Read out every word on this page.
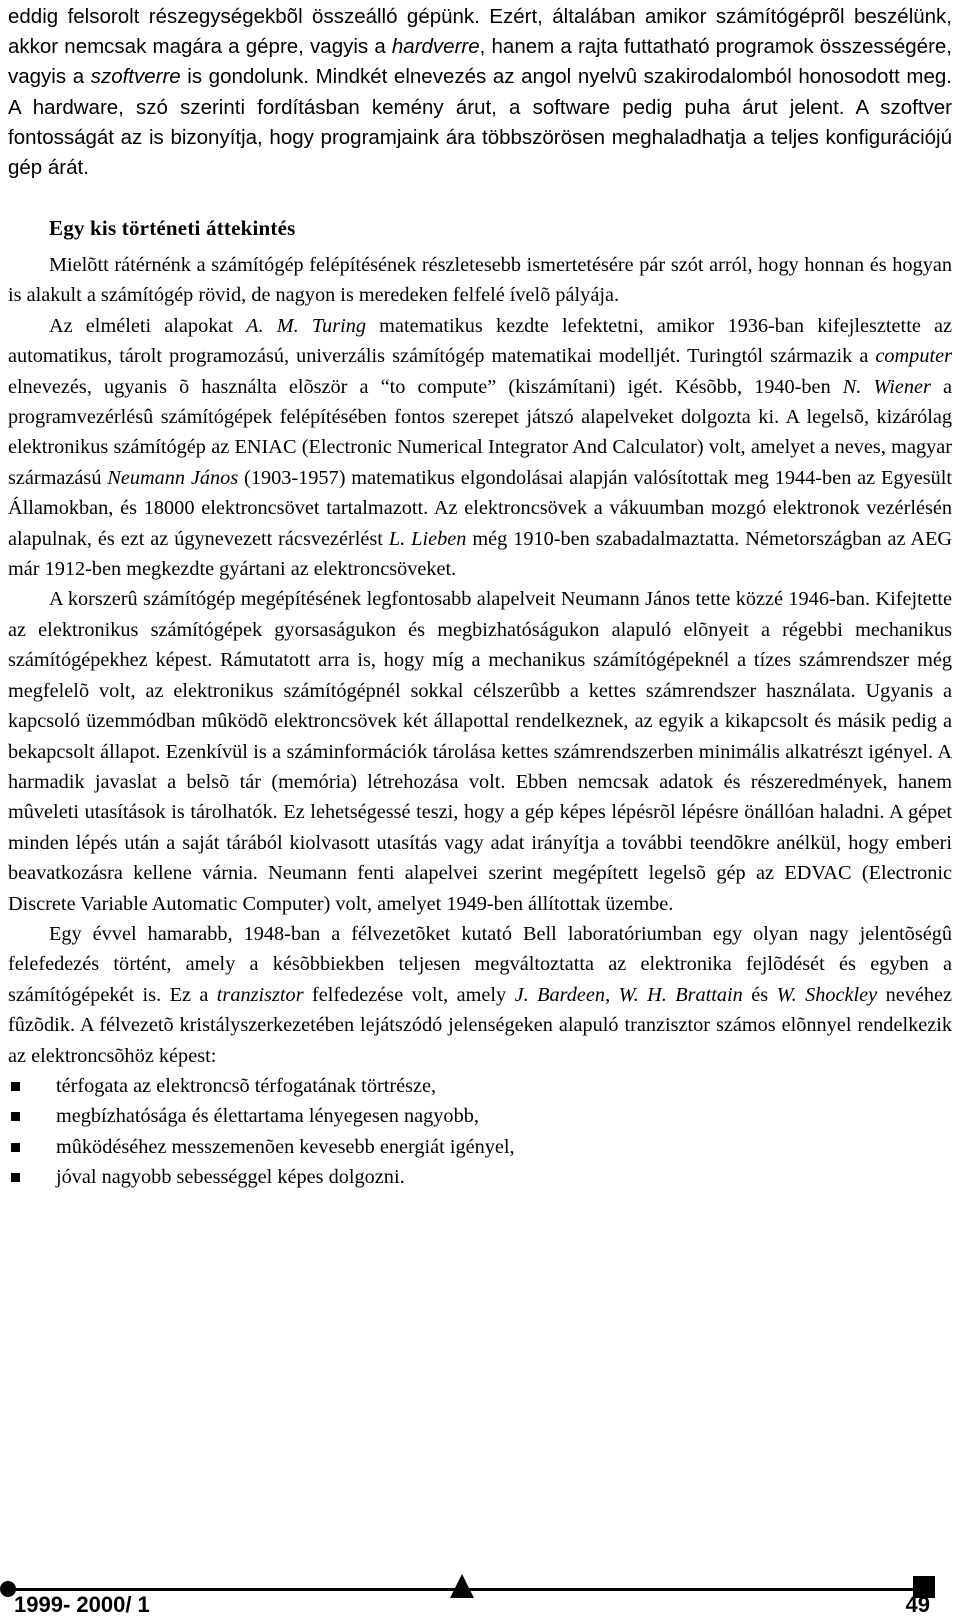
eddig felsorolt részegységekbõl összeálló gépünk. Ezért, általában amikor számítógéprõl beszélünk, akkor nemcsak magára a gépre, vagyis a hardverre, hanem a rajta futtatható programok összességére, vagyis a szoftverre is gondolunk. Mindkét elnevezés az angol nyelvû szakirodalomból honosodott meg. A hardware, szó szerinti fordításban kemény árut, a software pedig puha árut jelent. A szoftver fontosságát az is bizonyítja, hogy programjaink ára többszörösen meghaladhatja a teljes konfigurációjú gép árát.

Egy kis történeti áttekintés

Mielõtt rátérnénk a számítógép felépítésének részletesebb ismertetésére pár szót arról, hogy honnan és hogyan is alakult a számítógép rövid, de nagyon is meredeken felfelé ívelõ pályája.

Az elméleti alapokat A. M. Turing matematikus kezdte lefektetni, amikor 1936-ban kifejlesztette az automatikus, tárolt programozású, univerzális számítógép matematikai modelljét. Turingtól származik a computer elnevezés, ugyanis õ használta elõször a “to compute” (kiszámítani) igét. Késõbb, 1940-ben N. Wiener a programvezérlésû számítógépek felépítésében fontos szerepet játszó alapelveket dolgozta ki. A legelsõ, kizárólag elektronikus számítógép az ENIAC (Electronic Numerical Integrator And Calculator) volt, amelyet a neves, magyar származású Neumann János (1903-1957) matematikus elgondolásai alapján valósítottak meg 1944-ben az Egyesült Államokban, és 18000 elektroncsövet tartalmazott. Az elektroncsövek a vákuumban mozgó elektronok vezérlésén alapulnak, és ezt az úgynevezett rácsvezérlést L. Lieben még 1910-ben szabadalmaztatta. Németországban az AEG már 1912-ben megkezdte gyártani az elektroncsöveket.

A korszerû számítógép megépítésének legfontosabb alapelveit Neumann János tette közzé 1946-ban. Kifejtette az elektronikus számítógépek gyorsaságukon és megbizhatóságukon alapuló elõnyeit a régebbi mechanikus számítógépekhez képest. Rámutatott arra is, hogy míg a mechanikus számítógépeknél a tízes számrendszer még megfelelõ volt, az elektronikus számítógépnél sokkal célszerûbb a kettes számrendszer használata. Ugyanis a kapcsoló üzemmódban mûködõ elektroncsövek két állapottal rendelkeznek, az egyik a kikapcsolt és másik pedig a bekapcsolt állapot. Ezenkívül is a száminformációk tárolása kettes számrendszerben minimális alkatrészt igényel. A harmadik javaslat a belsõ tár (memória) létrehozása volt. Ebben nemcsak adatok és részeredmények, hanem mûveleti utasítások is tárolhatók. Ez lehetségessé teszi, hogy a gép képes lépésrõl lépésre önállóan haladni. A gépet minden lépés után a saját tárából kiolvasott utasítás vagy adat irányítja a további teendõkre anélkül, hogy emberi beavatkozásra kellene várnia. Neumann fenti alapelvei szerint megépített legelsõ gép az EDVAC (Electronic Discrete Variable Automatic Computer) volt, amelyet 1949-ben állítottak üzembe.

Egy évvel hamarabb, 1948-ban a félvezetõket kutató Bell laboratóriumban egy olyan nagy jelentõségû felefedezés történt, amely a késõbbiekben teljesen megváltoztatta az elektronika fejlõdését és egyben a számítógépekét is. Ez a tranzisztor felfedezése volt, amely J. Bardeen, W. H. Brattain és W. Shockley nevéhez fûzõdik. A félvezetõ kristályszerkezetében lejátszódó jelenségeken alapuló tranzisztor számos elõnnyel rendelkezik az elektroncsõhöz képest:

térfogata az elektroncsõ térfogatának törtrésze,
megbízhatósága és élettartama lényegesen nagyobb,
mûködéséhez messzemenõen kevesebb energiát igényel,
jóval nagyobb sebességgel képes dolgozni.
1999- 2000/ 1	49
